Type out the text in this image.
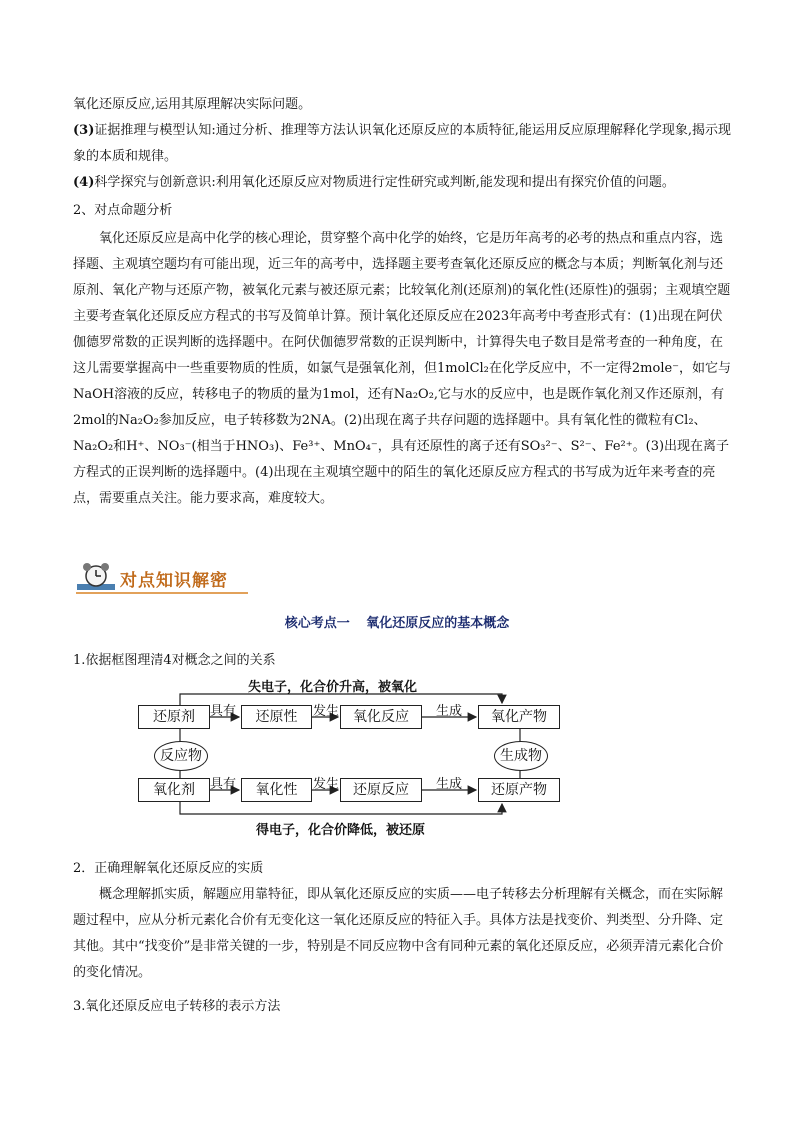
氧化还原反应,运用其原理解决实际问题。

(3)证据推理与模型认知:通过分析、推理等方法认识氧化还原反应的本质特征,能运用反应原理解释化学现象,揭示现象的本质和规律。

(4)科学探究与创新意识:利用氧化还原反应对物质进行定性研究或判断,能发现和提出有探究价值的问题。

2、对点命题分析

氧化还原反应是高中化学的核心理论，贯穿整个高中化学的始终，它是历年高考的必考的热点和重点内容，选择题、主观填空题均有可能出现，近三年的高考中，选择题主要考查氧化还原反应的概念与本质；判断氧化剂与还原剂、氧化产物与还原产物，被氧化元素与被还原元素；比较氧化剂(还原剂)的氧化性(还原性)的强弱；主观填空题主要考查氧化还原反应方程式的书写及简单计算。预计氧化还原反应在2023年高考中考查形式有：(1)出现在阿伏伽德罗常数的正误判断的选择题中。在阿伏伽德罗常数的正误判断中，计算得失电子数目是常考查的一种角度，在这儿需要掌握高中一些重要物质的性质，如氯气是强氧化剂，但1molCl₂在化学反应中，不一定得2mole⁻，如它与NaOH溶液的反应，转移电子的物质的量为1mol，还有Na₂O₂,它与水的反应中，也是既作氧化剂又作还原剂，有2mol的Na₂O₂参加反应，电子转移数为2NA。(2)出现在离子共存问题的选择题中。具有氧化性的微粒有Cl₂、Na₂O₂和H⁺、NO₃⁻(相当于HNO₃)、Fe³⁺、MnO₄⁻，具有还原性的离子还有SO₃²⁻、S²⁻、Fe²⁺。(3)出现在离子方程式的正误判断的选择题中。(4)出现在主观填空题中的陌生的氧化还原反应方程式的书写成为近年来考查的亮点，需要重点关注。能力要求高，难度较大。

对点知识解密
核心考点一 氧化还原反应的基本概念
1.依据框图理清4对概念之间的关系
失电子，化合价升高，被氧化
还原剂	具有	还原性	发生 氧化反应	生成	氧化产物
反应物	生成物
氧化剂	具有	氧化性	发生 还原反应	生成	还原产物
得电子，化合价降低，被还原
2．正确理解氧化还原反应的实质

概念理解抓实质，解题应用靠特征，即从氧化还原反应的实质——电子转移去分析理解有关概念，而在实际解题过程中，应从分析元素化合价有无变化这一氧化还原反应的特征入手。具体方法是找变价、判类型、分升降、定其他。其中“找变价”是非常关键的一步，特别是不同反应物中含有同种元素的氧化还原反应，必须弄清元素化合价的变化情况。

3.氧化还原反应电子转移的表示方法
